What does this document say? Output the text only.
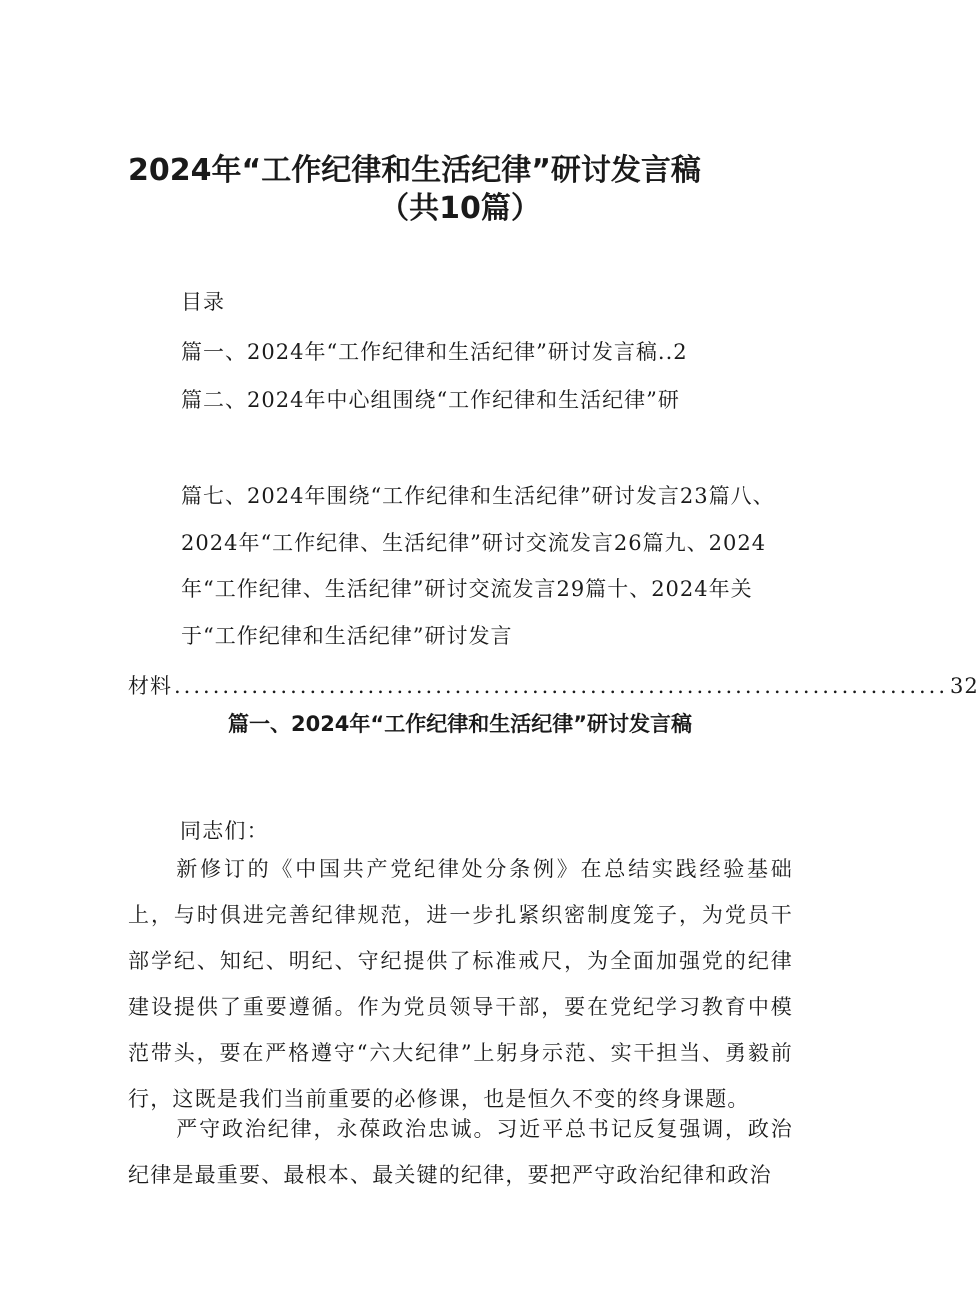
2024年“工作纪律和生活纪律”研讨发言稿
（共10篇）
目录
篇一、2024年“工作纪律和生活纪律”研讨发言稿..2
篇二、2024年中心组围绕“工作纪律和生活纪律”研
篇七、2024年围绕“工作纪律和生活纪律”研讨发言23篇八、
2024年“工作纪律、生活纪律”研讨交流发言26篇九、2024
年“工作纪律、生活纪律”研讨交流发言29篇十、2024年关
于“工作纪律和生活纪律”研讨发言
材料 ................................................................................ 32
篇一、2024年“工作纪律和生活纪律”研讨发言稿
同志们：
新修订的《中国共产党纪律处分条例》在总结实践经验基础上，与时俱进完善纪律规范，进一步扎紧织密制度笼子，为党员干部学纪、知纪、明纪、守纪提供了标准戒尺，为全面加强党的纪律建设提供了重要遵循。作为党员领导干部，要在党纪学习教育中模范带头，要在严格遵守“六大纪律”上躬身示范、实干担当、勇毅前行，这既是我们当前重要的必修课，也是恒久不变的终身课题。
严守政治纪律，永葆政治忠诚。习近平总书记反复强调，政治纪律是最重要、最根本、最关键的纪律，要把严守政治纪律和政治
